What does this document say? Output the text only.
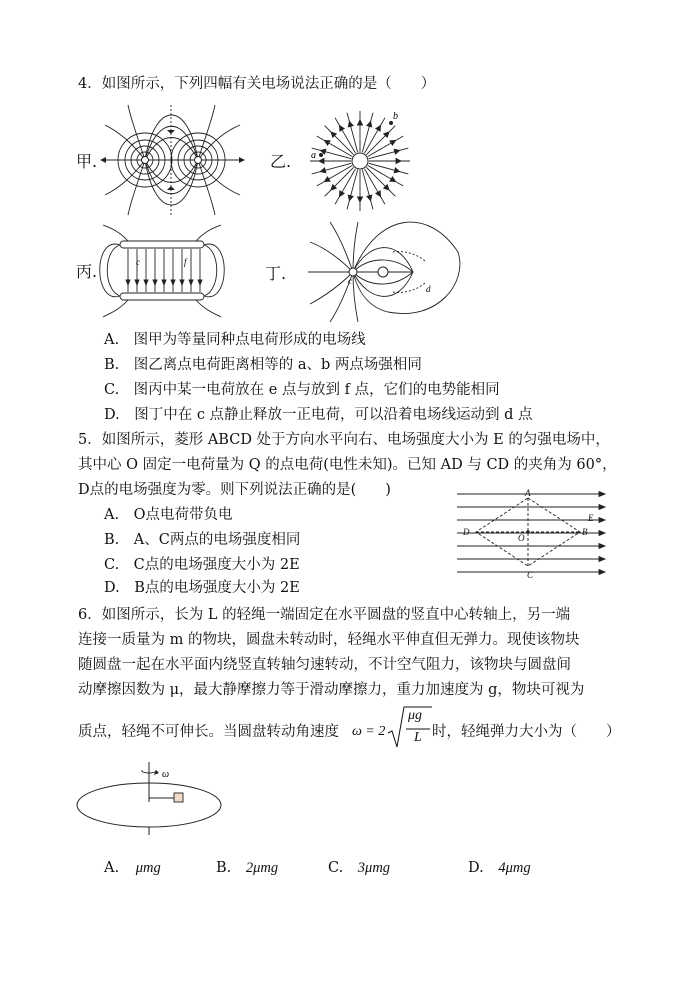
4．如图所示，下列四幅有关电场说法正确的是（　　）
甲.	乙. a
b
丙.	c	f
丁.	c
d
A.　图甲为等量同种点电荷形成的电场线
B.　图乙离点电荷距离相等的 a、b 两点场强相同
C.　图丙中某一电荷放在 e 点与放到 f 点，它们的电势能相同
D.　图丁中在 c 点静止释放一正电荷，可以沿着电场线运动到 d 点
5．如图所示，菱形 ABCD 处于方向水平向右、电场强度大小为 E 的匀强电场中，
其中心 O 固定一电荷量为 Q 的点电荷(电性未知)。已知 AD 与 CD 的夹角为 60°，
D点的电场强度为零。则下列说法正确的是(　　)
A.　O点电荷带负电
B.　A、C两点的电场强度相同
C.　C点的电场强度大小为 2E
D.　B点的电场强度大小为 2E
A
B
C
D
O
E
6．如图所示，长为 L 的轻绳一端固定在水平圆盘的竖直中心转轴上，另一端
连接一质量为 m 的物块，圆盘未转动时，轻绳水平伸直但无弹力。现使该物块
随圆盘一起在水平面内绕竖直转轴匀速转动，不计空气阻力，该物块与圆盘间
动摩擦因数为 μ，最大静摩擦力等于滑动摩擦力，重力加速度为 g，物块可视为
质点，轻绳不可伸长。当圆盘转动角速度 ω = 2
μg
L 时，轻绳弹力大小为（　　）
ω
A. μmg	B. 2μmg	C. 3μmg	D. 4μmg
